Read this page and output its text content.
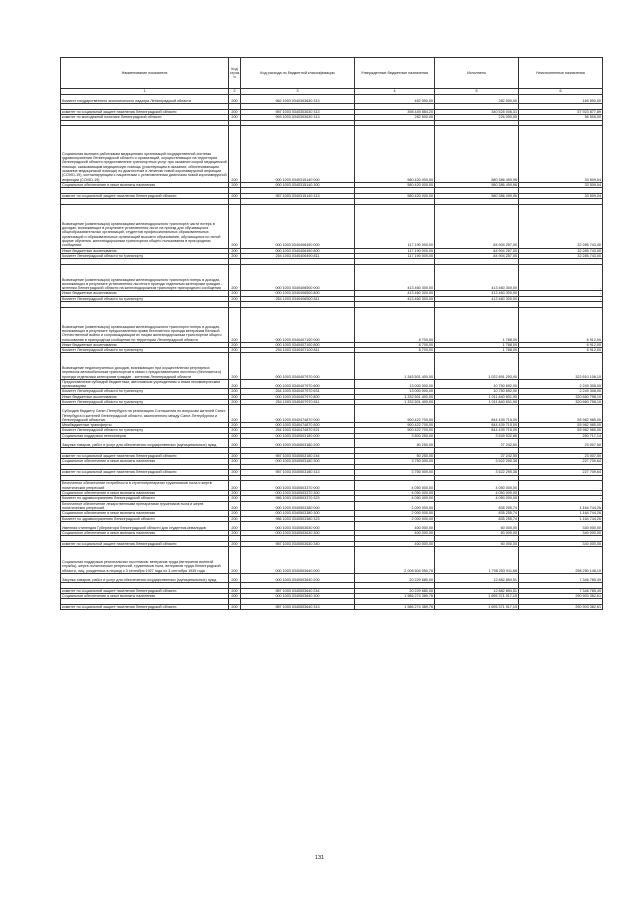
Наименование показателя	Код строк и	Код расхода по бюджетной классификации	Утвержденные бюджетные назначения	Исполнено	Неисполненные назначения
1	2	3	4	5	6
Комитет государственного экологического надзора Ленинградской области	200	982 1003 0340303630 313	452 000,00	282 500,00	169 500,00

комитет по социальной защите населения Ленинградской области	200	987 1003 0340303630 313	398 449 884,20	340 525 006,31	57 923 877,89
комитет по молодежной политике Ленинградской области	200	993 1003 0340303630 313	282 500,00	226 000,00	56 500,00

Социальная выплата работникам медицинских организаций государственной системы здравоохранения Ленинградской области и организаций, осуществляющих на территории Ленинградской области предоставление транспортных услуг при оказании скорой медицинской помощи, оказывающим медицинскую помощь (участвующим в оказании, обеспечивающим оказание медицинской помощи) по диагностике и лечению новой коронавирусной инфекции (COVID-19), контактирующим с пациентами с установленным диагнозом новой коронавирусной инфекции (COVID-19)	200	000 1003 0340315140 000	580 420 000,00	580 386 490,96	33 509,04
Социальное обеспечение и иные выплаты населению	200	000 1003 0340315140 300	580 420 000,00	580 386 490,96	33 509,04

комитет по социальной защите населения Ленинградской области	200	987 1003 0340315140 313	580 420 000,00	580 386 490,96	33 509,04

Возмещение (компенсация) организациям железнодорожного транспорта части потерь в доходах, возникающих в результате установления льгот на проезд для обучающихся общеобразовательных организаций, студентов профессиональных образовательных организаций и образовательных организаций высшего образования, обучающихся по очной форме обучения, железнодорожным транспортом общего пользования в пригородном сообщении	200	000 1003 0340406490 000	117 190 000,00	84 904 257,00	32 285 743,00
Иные бюджетные ассигнования	200	000 1003 0340406490 800	117 190 000,00	84 904 257,00	32 285 743,00
Комитет Ленинградской области по транспорту	200	254 1003 0340406490 811	117 190 000,00	84 904 257,00	32 285 743,00

Возмещение (компенсация) организациям железнодорожного транспорта потерь в доходах, возникающих в результате установления льготного проезда отдельным категориям граждан - жителям Ленинградской области на железнодорожном транспорте пригородного сообщения	200	000 1003 0340406500 000	413 460 300,00	413 460 300,00	-
Иные бюджетные ассигнования	200	000 1003 0340406500 800	413 460 300,00	413 460 300,00	-
Комитет Ленинградской области по транспорту	200	254 1003 0340406500 811	413 460 300,00	413 460 300,00	-

Возмещение (компенсация) организациям железнодорожного транспорта потерь в доходах, возникающих в результате предоставления права бесплатного проезда ветеранам Великой Отечественной войны и сопровождающим их лицам железнодорожным транспортом общего пользования в пригородном сообщении по территории Ленинградской области	200	000 1003 0340407100 000	8 700,00	1 788,00	6 912,00
Иные бюджетные ассигнования	200	000 1003 0340407100 800	8 700,00	1 788,00	6 912,00
Комитет Ленинградской области по транспорту	200	254 1003 0340407100 811	8 700,00	1 788,00	6 912,00
Возмещение недополученных доходов, возникающих при осуществлении регулярных перевозок автомобильным транспортом в связи с предоставлением льготного (бесплатного) проезда отдельным категориям граждан - жителям Ленинградской области	200	000 1003 0340407970 000	1 345 501 400,00	1 022 891 293,90	322 610 106,10
Предоставление субсидий бюджетным, автономным учреждениям и иным некоммерческим организациям	200	000 1003 0340407970 600	13 000 000,00	10 750 692,00	2 249 308,00
Комитет Ленинградской области по транспорту	200	254 1003 0340407970 631	13 000 000,00	10 750 692,00	2 249 308,00
Иные бюджетные ассигнования	200	000 1003 0340407970 800	1 332 501 400,00	1 011 840 601,90	320 660 798,10
Комитет Ленинградской области по транспорту	200	254 1003 0340407970 811	1 332 501 400,00	1 011 840 601,90	320 660 798,10
Субсидия бюджету Санкт-Петербурга на реализацию Соглашения по вопросам жителей Санкт-Петербурга и жителей Ленинградской области, заключенного между Санкт-Петербургом и Ленинградской областью	200	000 1003 0340474870 000	900 422 700,00	844 439 715,00	55 982 985,00
Межбюджетные трансферты	200	000 1003 0340474870 500	900 422 700,00	844 439 715,00	55 982 985,00
Комитет Ленинградской области по транспорту	200	254 1003 0340474870 521	900 422 700,00	844 439 715,00	55 982 985,00
Социальная поддержка пенсионеров	200	000 1003 0340503180 000	3 800 250,00	3 549 532,86	250 717,14
Закупка товаров, работ и услуг для обеспечения государственных (муниципальных) нужд	200	000 1003 0340503180 200	50 250,00	27 242,50	23 007,50

комитет по социальной защите населения Ленинградской области	200	987 1003 0340503180 244	50 250,00	27 242,50	23 007,50
Социальное обеспечение и иные выплаты населению	200	000 1003 0340503180 300	3 750 000,00	3 522 290,36	227 709,64

комитет по социальной защите населения Ленинградской области	200	987 1003 0340503180 313	3 750 000,00	3 522 290,36	227 709,64

Бесплатное обеспечение потребности в стрептопрепаратах труженников тыла и жертв политических репрессий	200	000 1003 0340503370 000	4 050 000,00	4 050 000,00	-
Социальное обеспечение и иные выплаты населению	200	000 1003 0340503370 300	4 050 000,00	4 050 000,00	-
Комитет по здравоохранению Ленинградской области	200	986 1003 0340503370 323	4 050 000,00	4 050 000,00	-
Бесплатное обеспечение лекарственными препаратами тружеников тыла и жертв политических репрессий	200	000 1003 0340503380 000	2 000 000,00	835 255,74	1 164 744,26
Социальное обеспечение и иные выплаты населению	200	000 1003 0340503380 300	2 000 000,00	835 255,74	1 164 744,26
Комитет по здравоохранению Ленинградской области	200	986 1003 0340503380 323	2 000 000,00	835 255,74	1 164 744,26
Именная стипендия Губернатора Ленинградской области для студентов-инвалидов	200	000 1003 0340503630 000	400 000,00	60 000,00	340 000,00
Социальное обеспечение и иные выплаты населению	200	000 1003 0340503630 300	400 000,00	60 000,00	340 000,00

комитет по социальной защите населения Ленинградской области	200	987 1003 0340503630 340	400 000,00	60 000,00	340 000,00
Социальная поддержка региональных льготников: ветеранов труда (ветеранов военной службы), жертв политических репрессий, тружеников тыла, ветеранов труда Ленинградской области, лиц, рожденных в период с 3 сентября 1927 года по 3 сентября 1945 года	200	000 1003 0340503640 000	2 008 504 050,76	1 708 253 911,66	298 250 148,10
Закупка товаров, работ и услуг для обеспечения государственных (муниципальных) нужд	200	000 1003 0340503640 200	20 229 680,00	12 882 894,51	7 346 785,49

комитет по социальной защите населения Ленинградской области	200	987 1003 0340503640 244	20 229 680,00	12 882 894,51	7 346 785,49
Социальное обеспечение и иные выплаты населению	200	000 1003 0340503640 300	1 986 274 389,76	1 695 371 017,15	290 903 382,61

комитет по социальной защите населения Ленинградской области	200	987 1003 0340503640 313	1 986 274 389,76	1 695 371 017,15	290 903 382,61
131
